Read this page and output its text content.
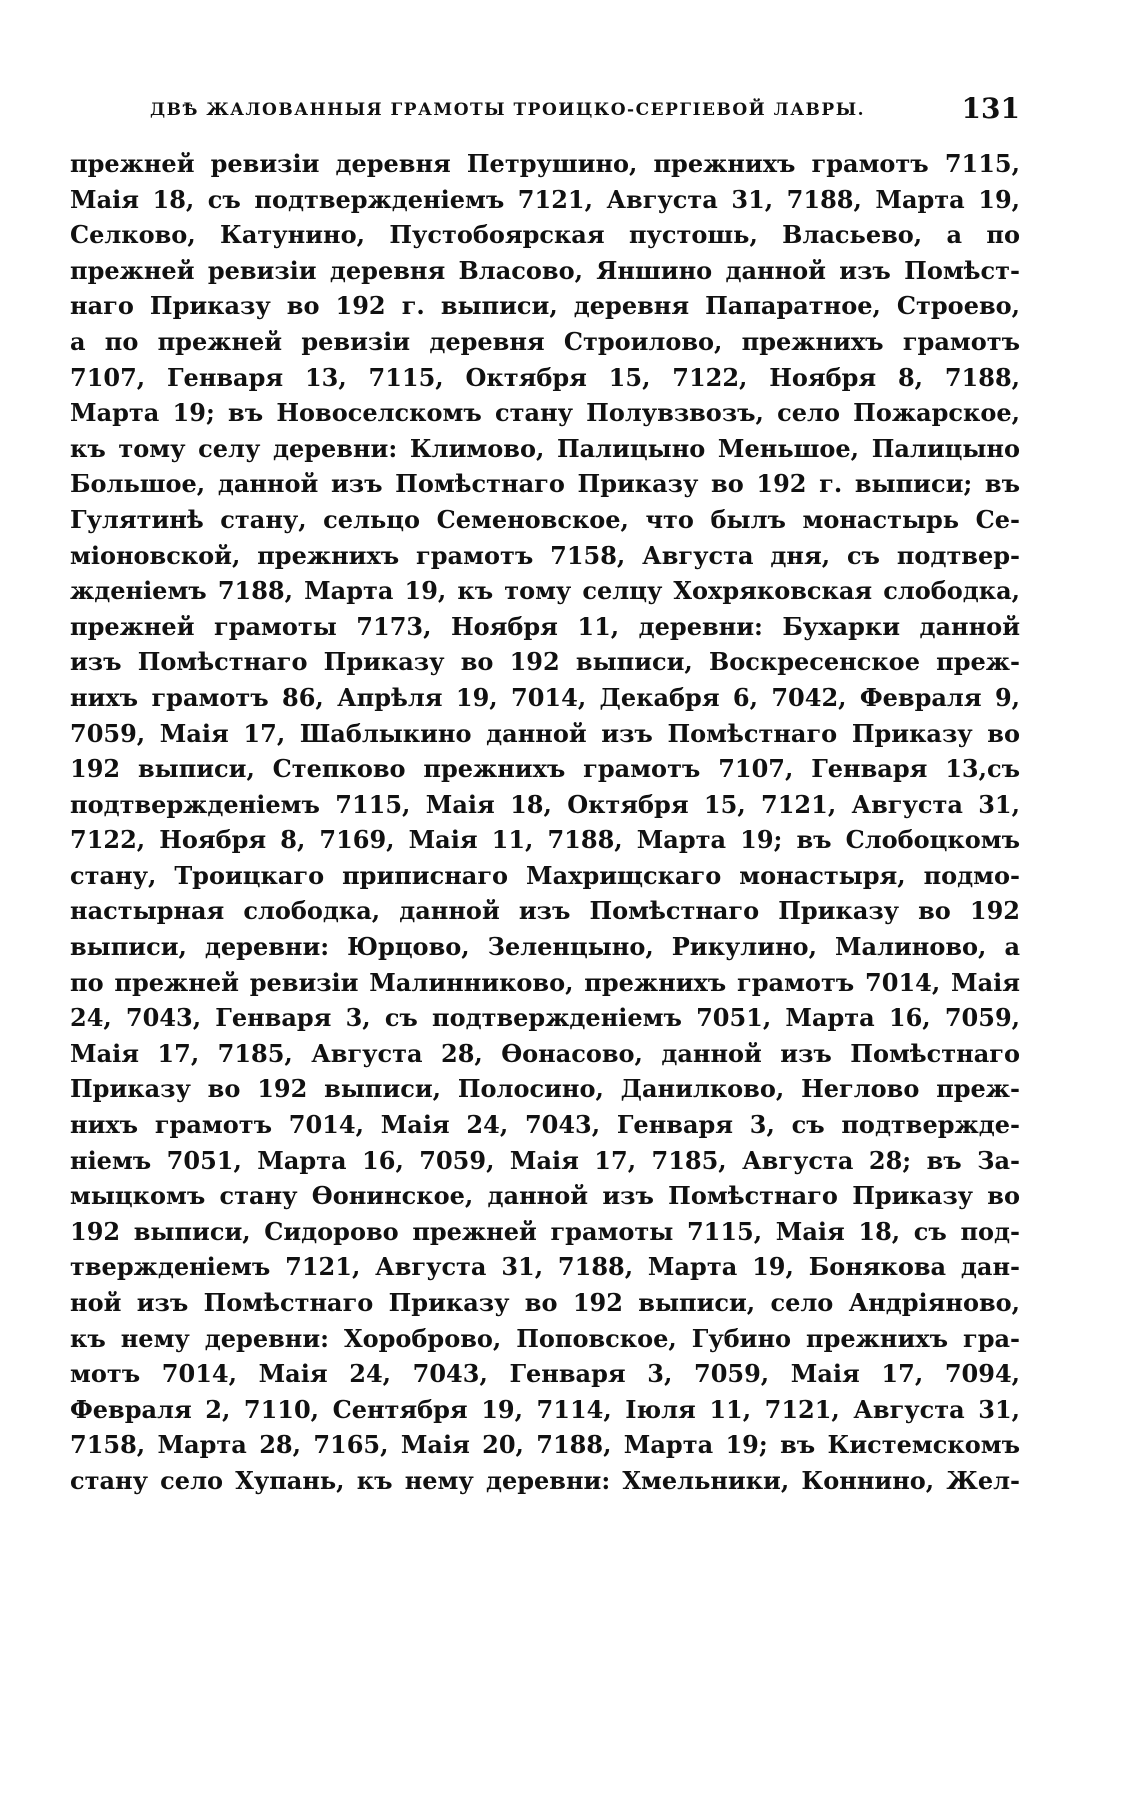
ДВѢ ЖАЛОВАННЫЯ ГРАМОТЫ ТРОИЦКО-СЕРГІЕВОЙ ЛАВРЫ.	131
прежней ревизіи деревня Петрушино, прежнихъ грамотъ 7115,
Маія 18, съ подтвержденіемъ 7121, Августа 31, 7188, Марта 19,
Селково, Катунино, Пустобоярская пустошь, Власьево, а по
прежней ревизіи деревня Власово, Яншино данной изъ Помѣст-
наго Приказу во 192 г. выписи, деревня Папаратное, Строево,
а по прежней ревизіи деревня Строилово, прежнихъ грамотъ
7107, Генваря 13, 7115, Октября 15, 7122, Ноября 8, 7188,
Марта 19; въ Новоселскомъ стану Полувзвозъ, село Пожарское,
къ тому селу деревни: Климово, Палицыно Меньшое, Палицыно
Большое, данной изъ Помѣстнаго Приказу во 192 г. выписи; въ
Гулятинѣ стану, сельцо Семеновское, что былъ монастырь Се-
міоновской, прежнихъ грамотъ 7158, Августа дня, съ подтвер-
жденіемъ 7188, Марта 19, къ тому селцу Хохряковская слободка,
прежней грамоты 7173, Ноября 11, деревни: Бухарки данной
изъ Помѣстнаго Приказу во 192 выписи, Воскресенское преж-
нихъ грамотъ 86, Апрѣля 19, 7014, Декабря 6, 7042, Февраля 9,
7059, Маія 17, Шаблыкино данной изъ Помѣстнаго Приказу во
192 выписи, Степково прежнихъ грамотъ 7107, Генваря 13,съ
подтвержденіемъ 7115, Маія 18, Октября 15, 7121, Августа 31,
7122, Ноября 8, 7169, Маія 11, 7188, Марта 19; въ Слобоцкомъ
стану, Троицкаго приписнаго Махрищскаго монастыря, подмо-
настырная слободка, данной изъ Помѣстнаго Приказу во 192
выписи, деревни: Юрцово, Зеленцыно, Рикулино, Малиново, а
по прежней ревизіи Малинниково, прежнихъ грамотъ 7014, Маія
24, 7043, Генваря 3, съ подтвержденіемъ 7051, Марта 16, 7059,
Маія 17, 7185, Августа 28, Ѳонасово, данной изъ Помѣстнаго
Приказу во 192 выписи, Полосино, Данилково, Неглово преж-
нихъ грамотъ 7014, Маія 24, 7043, Генваря 3, съ подтвержде-
ніемъ 7051, Марта 16, 7059, Маія 17, 7185, Августа 28; въ За-
мыцкомъ стану Ѳонинское, данной изъ Помѣстнаго Приказу во
192 выписи, Сидорово прежней грамоты 7115, Маія 18, съ под-
твержденіемъ 7121, Августа 31, 7188, Марта 19, Бонякова дан-
ной изъ Помѣстнаго Приказу во 192 выписи, село Андріяново,
къ нему деревни: Хороброво, Поповское, Губино прежнихъ гра-
мотъ 7014, Маія 24, 7043, Генваря 3, 7059, Маія 17, 7094,
Февраля 2, 7110, Сентября 19, 7114, Іюля 11, 7121, Августа 31,
7158, Марта 28, 7165, Маія 20, 7188, Марта 19; въ Кистемскомъ
стану село Хупань, къ нему деревни: Хмельники, Коннино, Жел-
